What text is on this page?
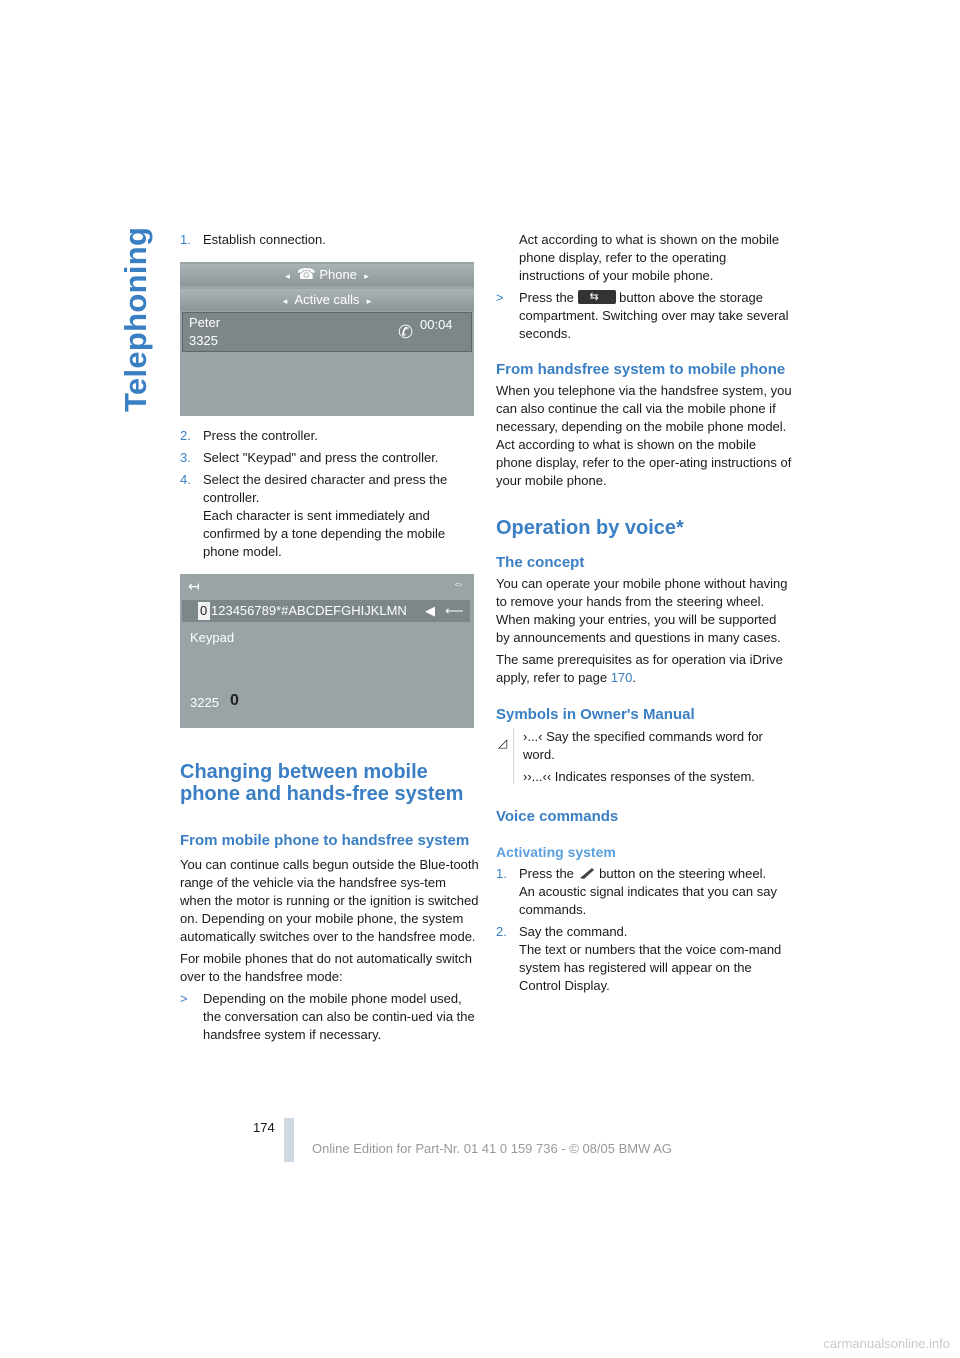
Telephoning 1. Establish connection.
◂ ☎ Phone ▸
◂ Active calls ▸
Peter
3325	✆ 00:04
2. Press the controller.
3. Select "Keypad" and press the controller.
4. Select the desired character and press the controller.
Each character is sent immediately and confirmed by a tone depending the mobile phone model.
↤	⇔
0 123456789*#ABCDEFGHIJKLMN ◀ ⟵
Keypad
3225 0
Changing between mobile phone and hands-free system
From mobile phone to handsfree system

You can continue calls begun outside the Blue-tooth range of the vehicle via the handsfree sys-tem when the motor is running or the ignition is switched on. Depending on your mobile phone, the system automatically switches over to the handsfree mode.

For mobile phones that do not automatically switch over to the handsfree mode:

> Depending on the mobile phone model used, the conversation can also be contin-ued via the handsfree system if necessary.
Act according to what is shown on the mobile phone display, refer to the operating instructions of your mobile phone.
> Press the ⇆	button above the storage compartment. Switching over may take several seconds.
From handsfree system to mobile phone

When you telephone via the handsfree system, you can also continue the call via the mobile phone if necessary, depending on the mobile phone model. Act according to what is shown on the mobile phone display, refer to the oper-ating instructions of your mobile phone.

Operation by voice*
The concept

You can operate your mobile phone without having to remove your hands from the steering wheel. When making your entries, you will be supported by announcements and questions in many cases.

The same prerequisites as for operation via iDrive apply, refer to page 170.

Symbols in Owner's Manual
◿ ›...‹ Say the specified commands word for word.

››...‹‹ Indicates responses of the system.

Voice commands
Activating system
1. Press the button on the steering wheel.
An acoustic signal indicates that you can say commands.
2. Say the command.
The text or numbers that the voice com-mand system has registered will appear on the Control Display.
174
Online Edition for Part-Nr. 01 41 0 159 736 - © 08/05 BMW AG
carmanualsonline.info
